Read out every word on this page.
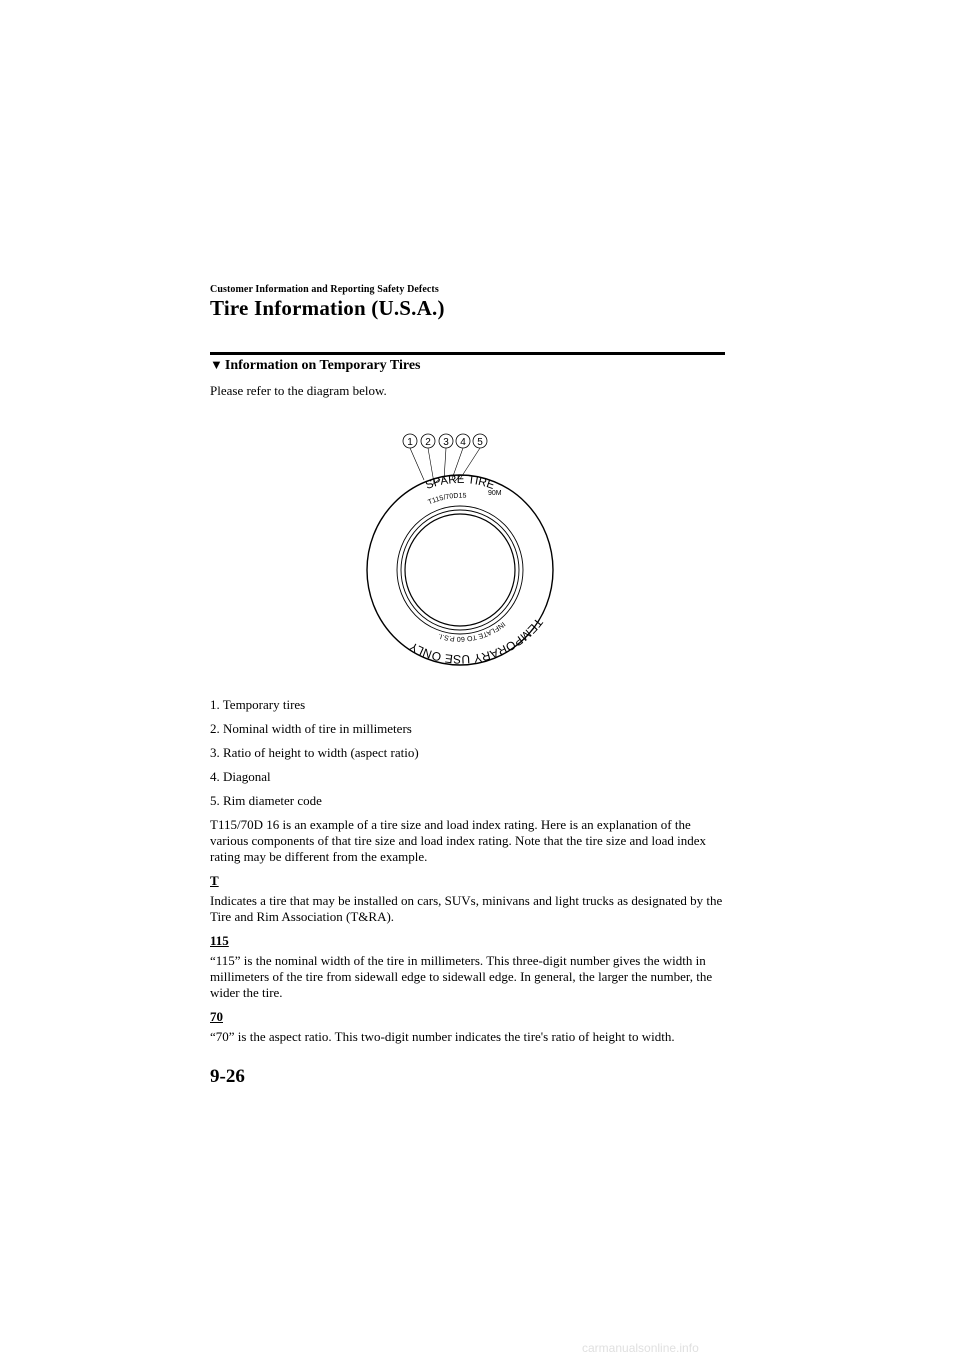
Customer Information and Reporting Safety Defects
Tire Information (U.S.A.)
▼ Information on Temporary Tires
Please refer to the diagram below.
1 2 3 4 5
SPARE TIRE
T115/70D15	90M
INFLATE TO 60 P.S.I.
TEMPORARY USE ONLY
1. Temporary tires
2. Nominal width of tire in millimeters
3. Ratio of height to width (aspect ratio)
4. Diagonal
5. Rim diameter code
T115/70D 16 is an example of a tire size and load index rating. Here is an explanation of the various components of that tire size and load index rating. Note that the tire size and load index rating may be different from the example.
T
Indicates a tire that may be installed on cars, SUVs, minivans and light trucks as designated by the Tire and Rim Association (T&RA).
115
“115” is the nominal width of the tire in millimeters. This three-digit number gives the width in millimeters of the tire from sidewall edge to sidewall edge. In general, the larger the number, the wider the tire.
70
“70” is the aspect ratio. This two-digit number indicates the tire's ratio of height to width.
9-26
carmanualsonline.info
